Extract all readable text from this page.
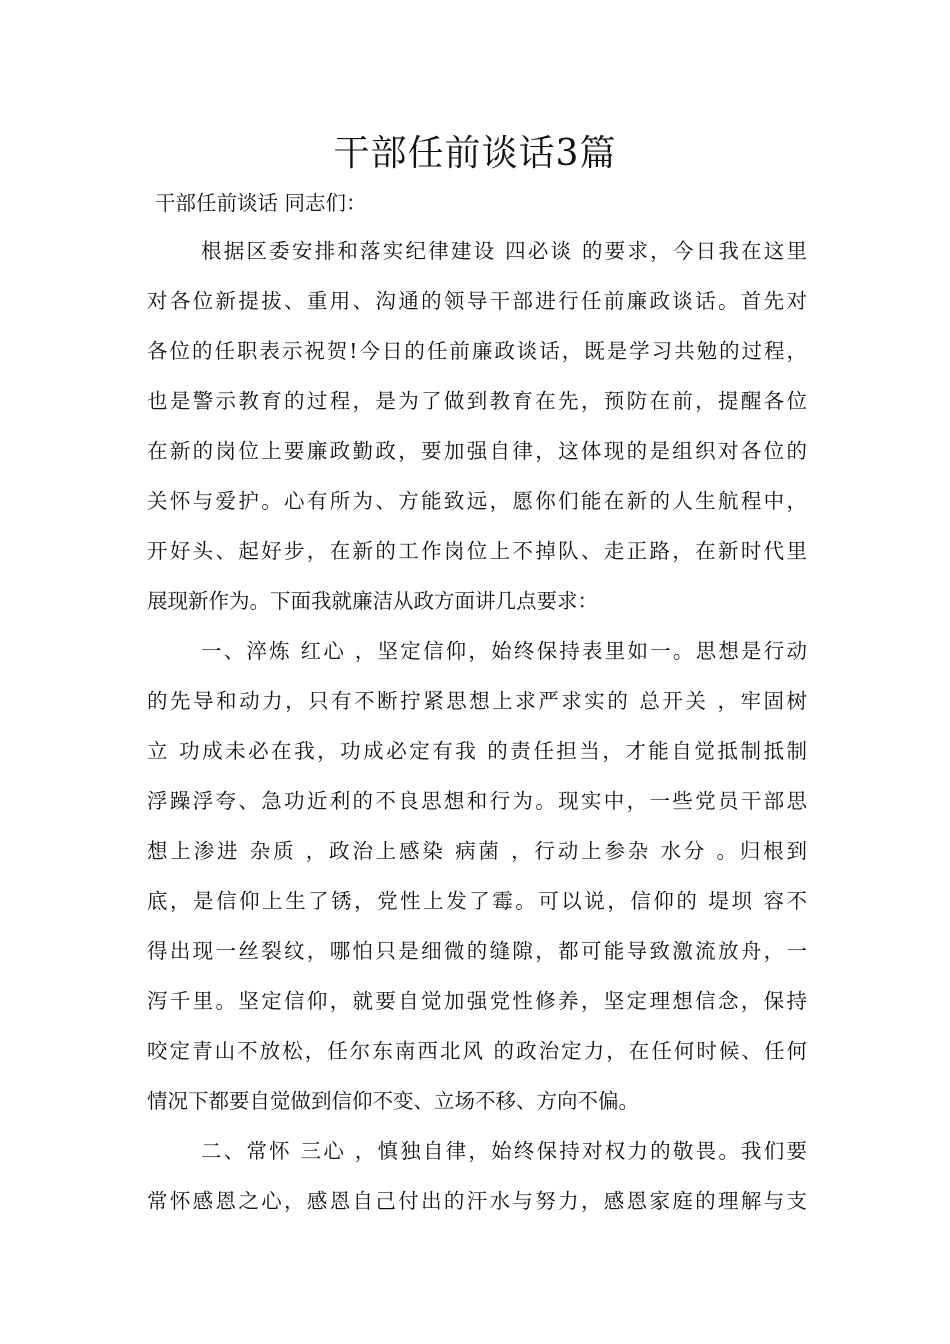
干部任前谈话3篇

干部任前谈话 同志们：

根据区委安排和落实纪律建设 四必谈 的要求，今日我在这里

对各位新提拔、重用、沟通的领导干部进行任前廉政谈话。首先对

各位的任职表示祝贺!今日的任前廉政谈话，既是学习共勉的过程，

也是警示教育的过程，是为了做到教育在先，预防在前，提醒各位

在新的岗位上要廉政勤政，要加强自律，这体现的是组织对各位的

关怀与爱护。心有所为、方能致远，愿你们能在新的人生航程中，

开好头、起好步，在新的工作岗位上不掉队、走正路，在新时代里

展现新作为。下面我就廉洁从政方面讲几点要求：

一、淬炼 红心 ，坚定信仰，始终保持表里如一。思想是行动

的先导和动力，只有不断拧紧思想上求严求实的 总开关 ，牢固树

立 功成未必在我，功成必定有我 的责任担当，才能自觉抵制抵制

浮躁浮夸、急功近利的不良思想和行为。现实中，一些党员干部思

想上渗进 杂质 ，政治上感染 病菌 ，行动上参杂 水分 。归根到

底，是信仰上生了锈，党性上发了霉。可以说，信仰的 堤坝 容不

得出现一丝裂纹，哪怕只是细微的缝隙，都可能导致激流放舟，一

泻千里。坚定信仰，就要自觉加强党性修养，坚定理想信念，保持

咬定青山不放松，任尔东南西北风 的政治定力，在任何时候、任何

情况下都要自觉做到信仰不变、立场不移、方向不偏。

二、常怀 三心 ，慎独自律，始终保持对权力的敬畏。我们要

常怀感恩之心，感恩自己付出的汗水与努力，感恩家庭的理解与支
